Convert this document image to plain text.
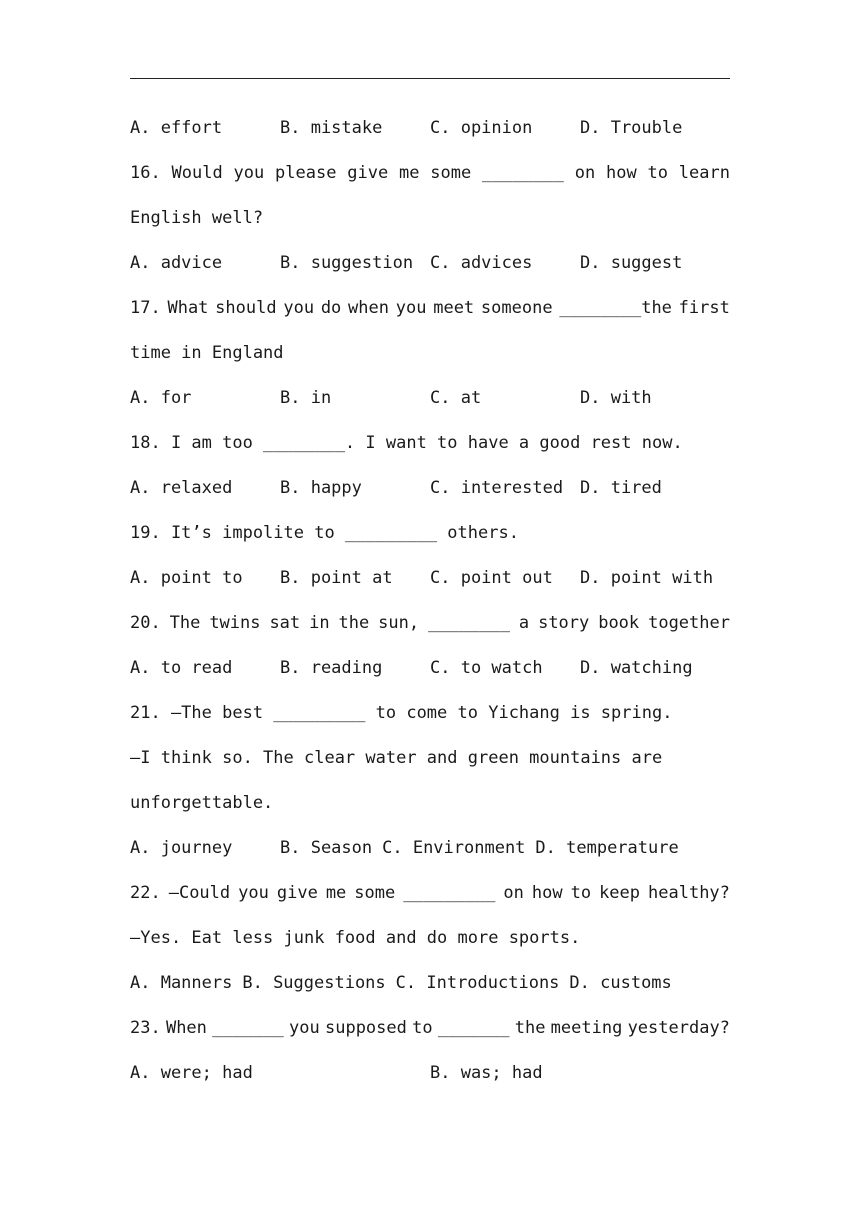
A. effort	B. mistake	C. opinion	D. Trouble
16. Would you please give me some ________ on how to learn
English well?
A. advice	B. suggestion C. advices	D. suggest
17. What should you do when you meet someone ________the first
time in England
A. for	B. in	C. at	D. with
18. I am too ________. I want to have a good rest now.
A. relaxed	B. happy	C. interested D. tired
19. It’s impolite to _________ others.
A. point to	B. point at	C. point out	D. point with
20. The twins sat in the sun, ________ a story book together
A. to read	B. reading	C. to watch	D. watching
21. —The best _________ to come to Yichang is spring.
—I think so. The clear water and green mountains are
unforgettable.
A. journey	B. Season C. Environment D. temperature
22. —Could you give me some _________ on how to keep healthy?
—Yes. Eat less junk food and do more sports.
A. Manners B. Suggestions C. Introductions D. customs
23. When _______ you supposed to _______ the meeting yesterday?
A. were; had	B. was; had
